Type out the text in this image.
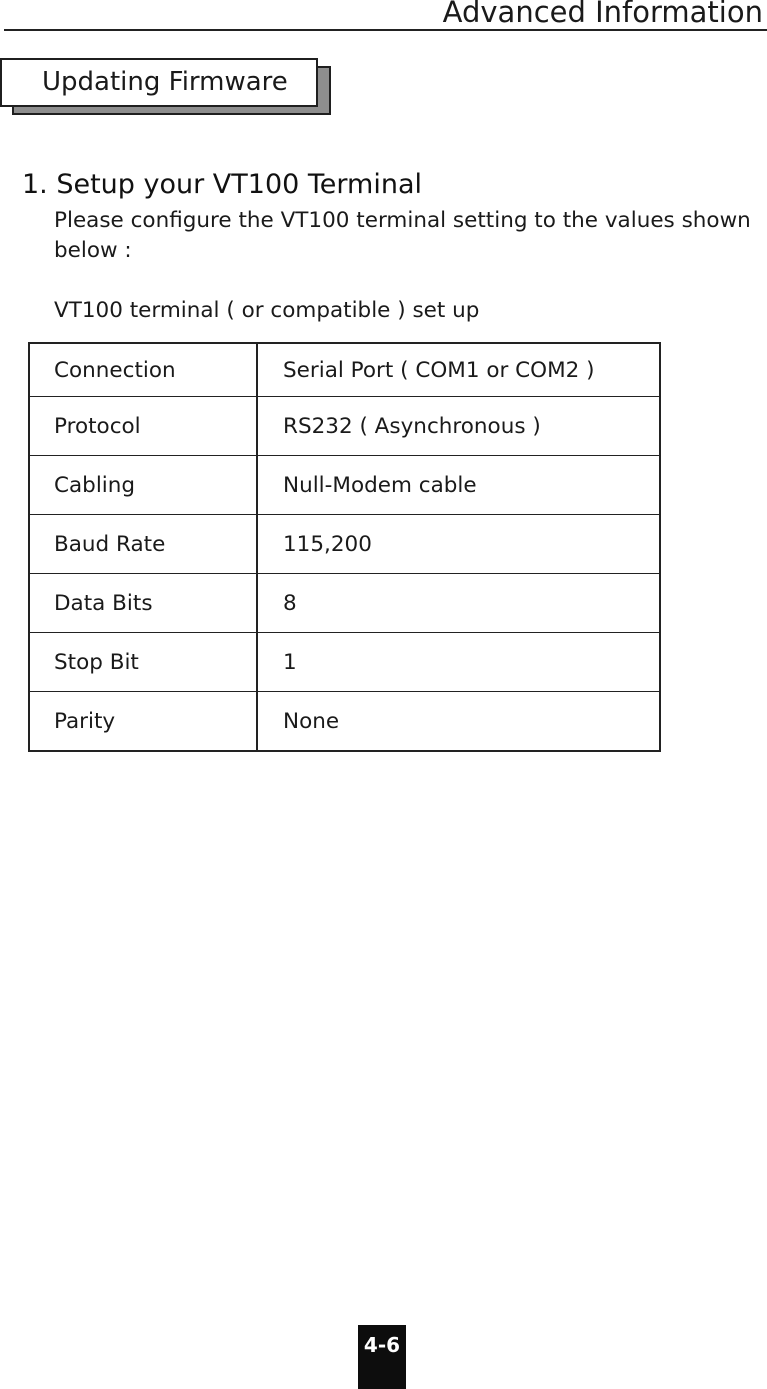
Advanced Information
Updating Firmware
1. Setup your VT100 Terminal
Please configure the VT100 terminal setting to the values shown
below :
VT100 terminal ( or compatible ) set up
Connection	Serial Port ( COM1 or COM2 )
Protocol	RS232 ( Asynchronous )
Cabling	Null-Modem cable
Baud Rate	115,200
Data Bits	8
Stop Bit	1
Parity	None
4-6
